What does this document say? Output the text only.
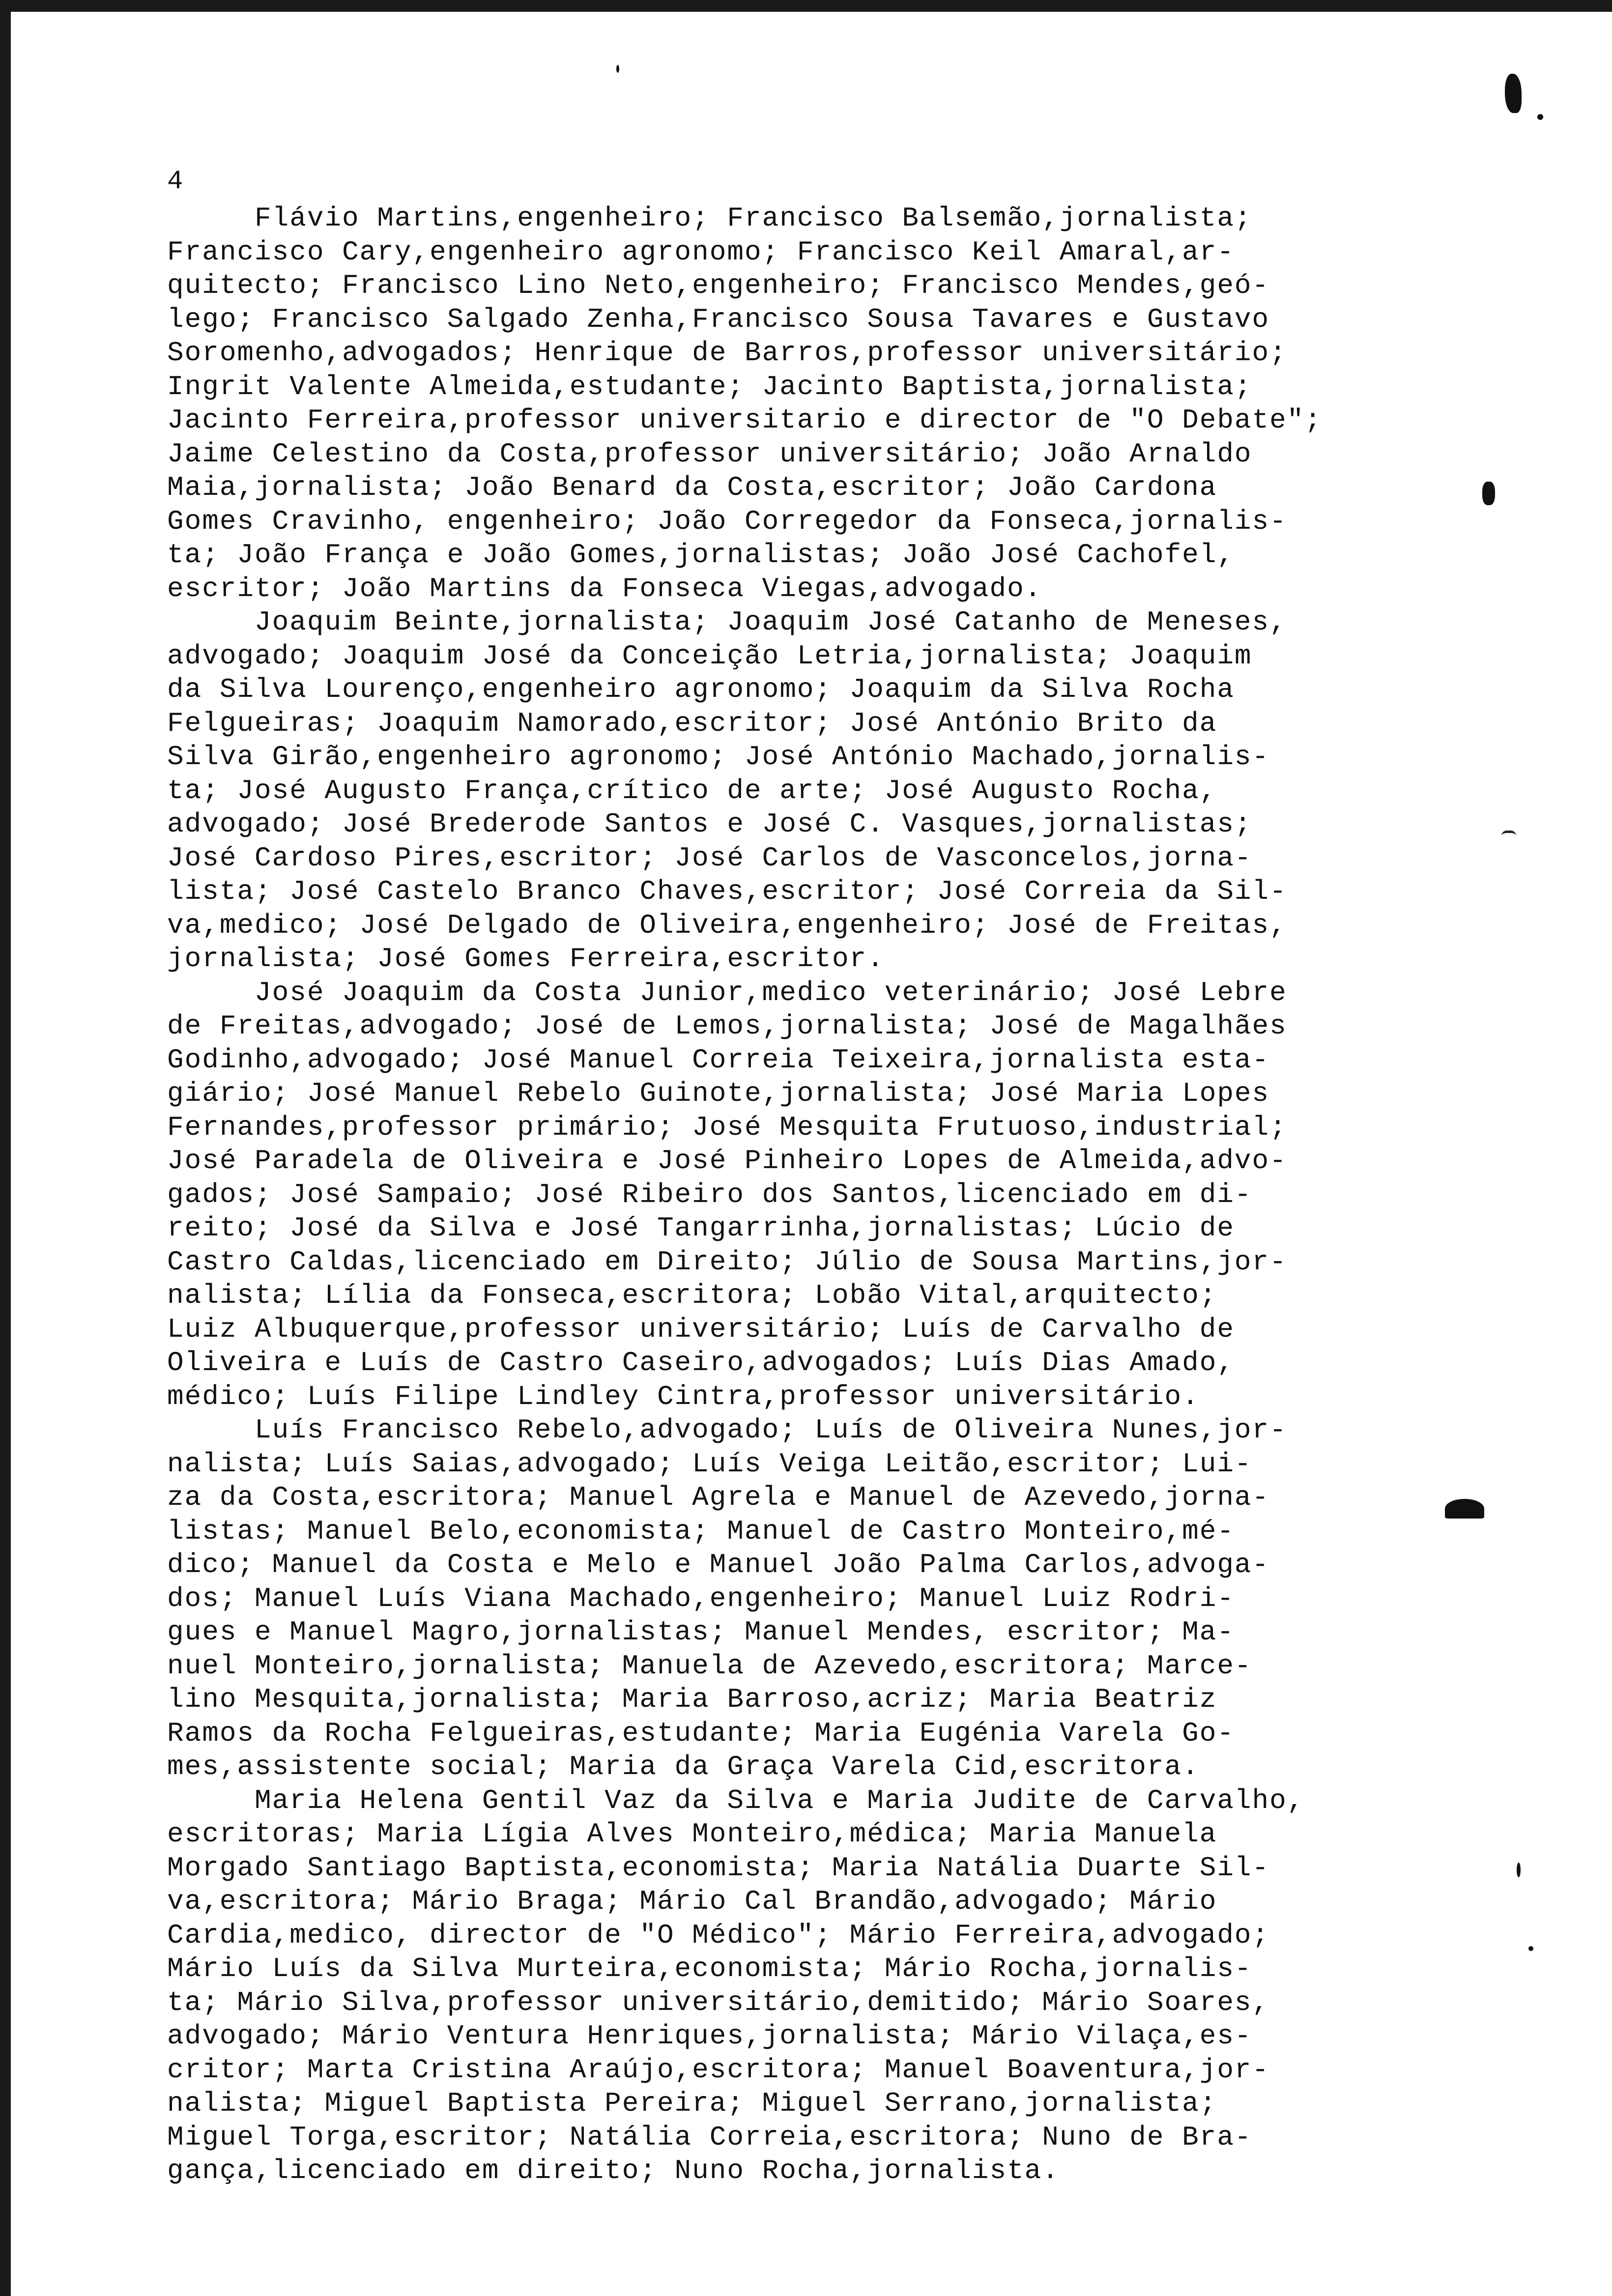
4
Flávio Martins,engenheiro; Francisco Balsemão,jornalista;
Francisco Cary,engenheiro agronomo; Francisco Keil Amaral,ar-
quitecto; Francisco Lino Neto,engenheiro; Francisco Mendes,geó-
lego; Francisco Salgado Zenha,Francisco Sousa Tavares e Gustavo
Soromenho,advogados; Henrique de Barros,professor universitário;
Ingrit Valente Almeida,estudante; Jacinto Baptista,jornalista;
Jacinto Ferreira,professor universitario e director de "O Debate";
Jaime Celestino da Costa,professor universitário; João Arnaldo
Maia,jornalista; João Benard da Costa,escritor; João Cardona
Gomes Cravinho, engenheiro; João Corregedor da Fonseca,jornalis-
ta; João França e João Gomes,jornalistas; João José Cachofel,
escritor; João Martins da Fonseca Viegas,advogado.
Joaquim Beinte,jornalista; Joaquim José Catanho de Meneses,
advogado; Joaquim José da Conceição Letria,jornalista; Joaquim
da Silva Lourenço,engenheiro agronomo; Joaquim da Silva Rocha
Felgueiras; Joaquim Namorado,escritor; José António Brito da
Silva Girão,engenheiro agronomo; José António Machado,jornalis-
ta; José Augusto França,crítico de arte; José Augusto Rocha,
advogado; José Brederode Santos e José C. Vasques,jornalistas;
José Cardoso Pires,escritor; José Carlos de Vasconcelos,jorna-
lista; José Castelo Branco Chaves,escritor; José Correia da Sil-
va,medico; José Delgado de Oliveira,engenheiro; José de Freitas,
jornalista; José Gomes Ferreira,escritor.
José Joaquim da Costa Junior,medico veterinário; José Lebre
de Freitas,advogado; José de Lemos,jornalista; José de Magalhães
Godinho,advogado; José Manuel Correia Teixeira,jornalista esta-
giário; José Manuel Rebelo Guinote,jornalista; José Maria Lopes
Fernandes,professor primário; José Mesquita Frutuoso,industrial;
José Paradela de Oliveira e José Pinheiro Lopes de Almeida,advo-
gados; José Sampaio; José Ribeiro dos Santos,licenciado em di-
reito; José da Silva e José Tangarrinha,jornalistas; Lúcio de
Castro Caldas,licenciado em Direito; Júlio de Sousa Martins,jor-
nalista; Lília da Fonseca,escritora; Lobão Vital,arquitecto;
Luiz Albuquerque,professor universitário; Luís de Carvalho de
Oliveira e Luís de Castro Caseiro,advogados; Luís Dias Amado,
médico; Luís Filipe Lindley Cintra,professor universitário.
Luís Francisco Rebelo,advogado; Luís de Oliveira Nunes,jor-
nalista; Luís Saias,advogado; Luís Veiga Leitão,escritor; Lui-
za da Costa,escritora; Manuel Agrela e Manuel de Azevedo,jorna-
listas; Manuel Belo,economista; Manuel de Castro Monteiro,mé-
dico; Manuel da Costa e Melo e Manuel João Palma Carlos,advoga-
dos; Manuel Luís Viana Machado,engenheiro; Manuel Luiz Rodri-
gues e Manuel Magro,jornalistas; Manuel Mendes, escritor; Ma-
nuel Monteiro,jornalista; Manuela de Azevedo,escritora; Marce-
lino Mesquita,jornalista; Maria Barroso,acriz; Maria Beatriz
Ramos da Rocha Felgueiras,estudante; Maria Eugénia Varela Go-
mes,assistente social; Maria da Graça Varela Cid,escritora.
Maria Helena Gentil Vaz da Silva e Maria Judite de Carvalho,
escritoras; Maria Lígia Alves Monteiro,médica; Maria Manuela
Morgado Santiago Baptista,economista; Maria Natália Duarte Sil-
va,escritora; Mário Braga; Mário Cal Brandão,advogado; Mário
Cardia,medico, director de "O Médico"; Mário Ferreira,advogado;
Mário Luís da Silva Murteira,economista; Mário Rocha,jornalis-
ta; Mário Silva,professor universitário,demitido; Mário Soares,
advogado; Mário Ventura Henriques,jornalista; Mário Vilaça,es-
critor; Marta Cristina Araújo,escritora; Manuel Boaventura,jor-
nalista; Miguel Baptista Pereira; Miguel Serrano,jornalista;
Miguel Torga,escritor; Natália Correia,escritora; Nuno de Bra-
gança,licenciado em direito; Nuno Rocha,jornalista.
